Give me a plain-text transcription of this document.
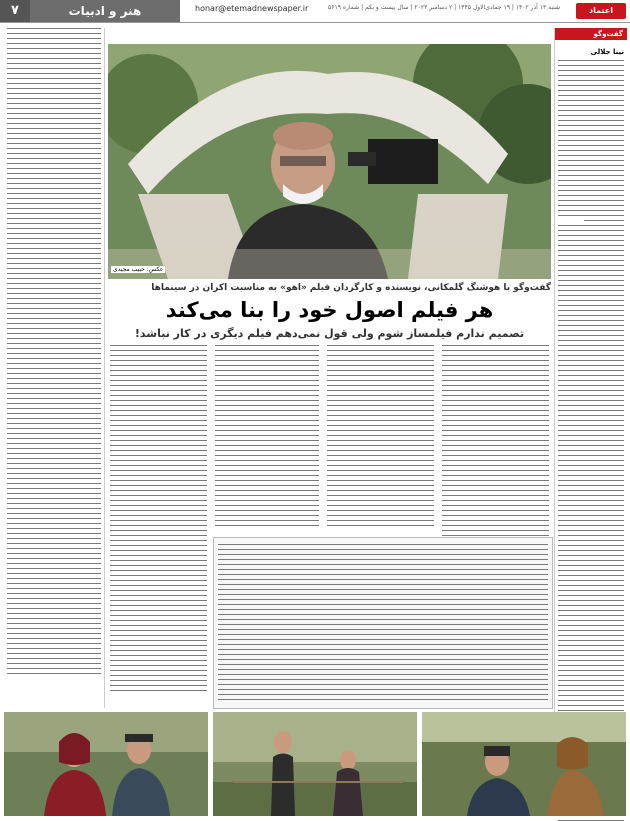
۷	هنر و ادبیات	honar@etemadnewspaper.ir	شنبه ۱۳ آذر ۱۴۰۲ | ۱۹ جمادی‌الاول ۱۴۴۵ | ۲ دسامبر ۲۰۲۳ | سال بیست و یکم | شماره ۵۶۱۹	اعتماد
گفت‌وگو
نینا جلالی
عکس: حبیب مجیدی
گفت‌و‌گو با هوشنگ گلمکانی، نویسنده و کارگردان فیلم «اهو» به مناسبت اکران در سینماها
هر فیلم اصول خود را بنا می‌کند
تصمیم ندارم فیلمساز شوم ولی قول نمی‌دهم فیلم دیگری در کار نباشد!
